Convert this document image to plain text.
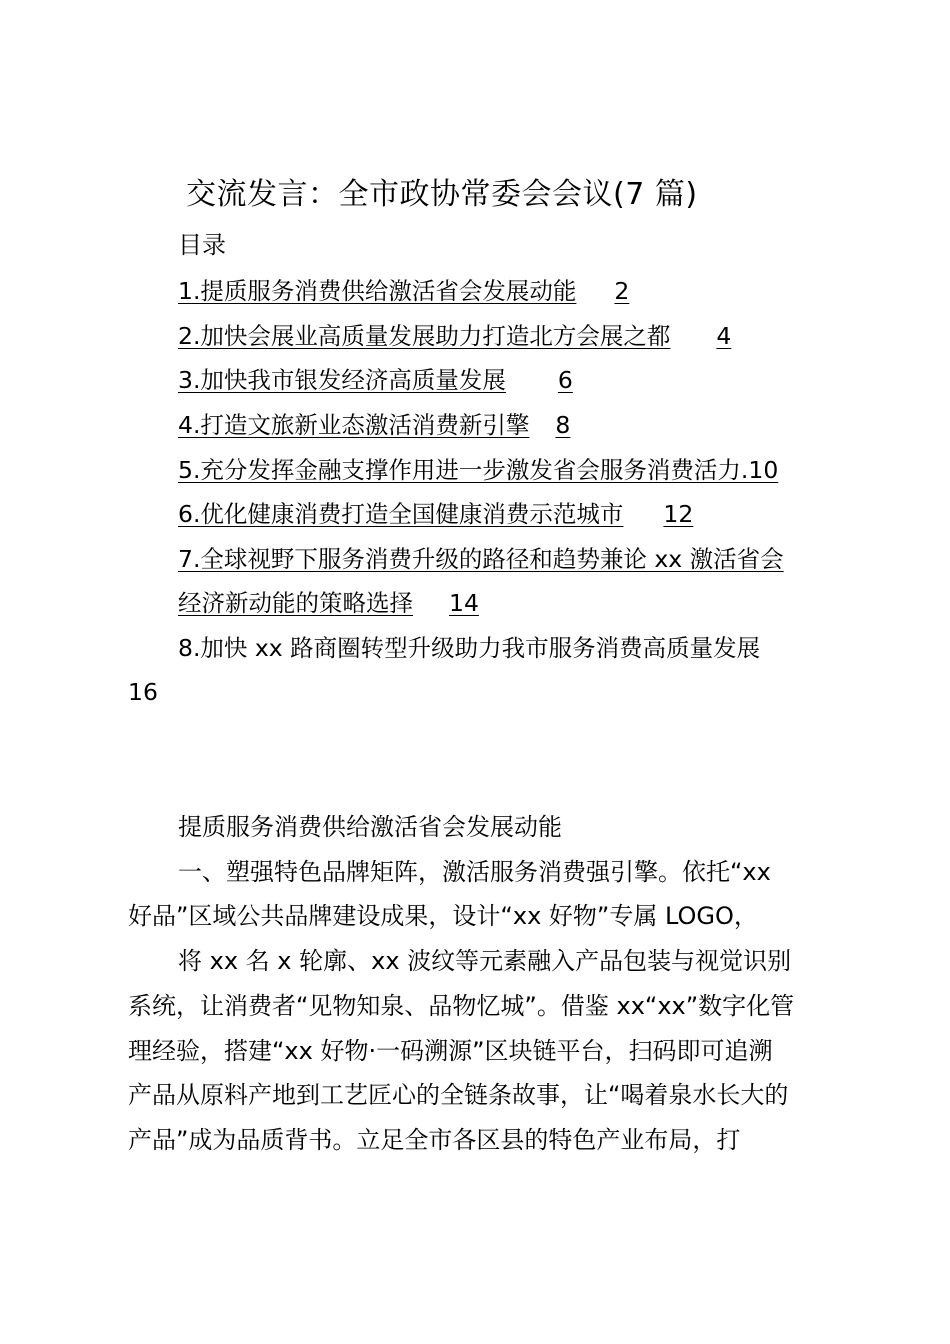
交流发言：全市政协常委会会议(7 篇)
目录
1.提质服务消费供给激活省会发展动能 2
2.加快会展业高质量发展助力打造北方会展之都 4
3.加快我市银发经济高质量发展 6
4.打造文旅新业态激活消费新引擎 8
5.充分发挥金融支撑作用进一步激发省会服务消费活力.10
6.优化健康消费打造全国健康消费示范城市 12
7.全球视野下服务消费升级的路径和趋势兼论 xx 激活省会
经济新动能的策略选择 14
8.加快 xx 路商圈转型升级助力我市服务消费高质量发展
16
提质服务消费供给激活省会发展动能
一、塑强特色品牌矩阵，激活服务消费强引擎。依托“xx
好品”区域公共品牌建设成果，设计“xx 好物”专属 LOGO，
将 xx 名 x 轮廓、xx 波纹等元素融入产品包装与视觉识别
系统，让消费者“见物知泉、品物忆城”。借鉴 xx“xx”数字化管
理经验，搭建“xx 好物·一码溯源”区块链平台，扫码即可追溯
产品从原料产地到工艺匠心的全链条故事，让“喝着泉水长大的
产品”成为品质背书。立足全市各区县的特色产业布局，打
